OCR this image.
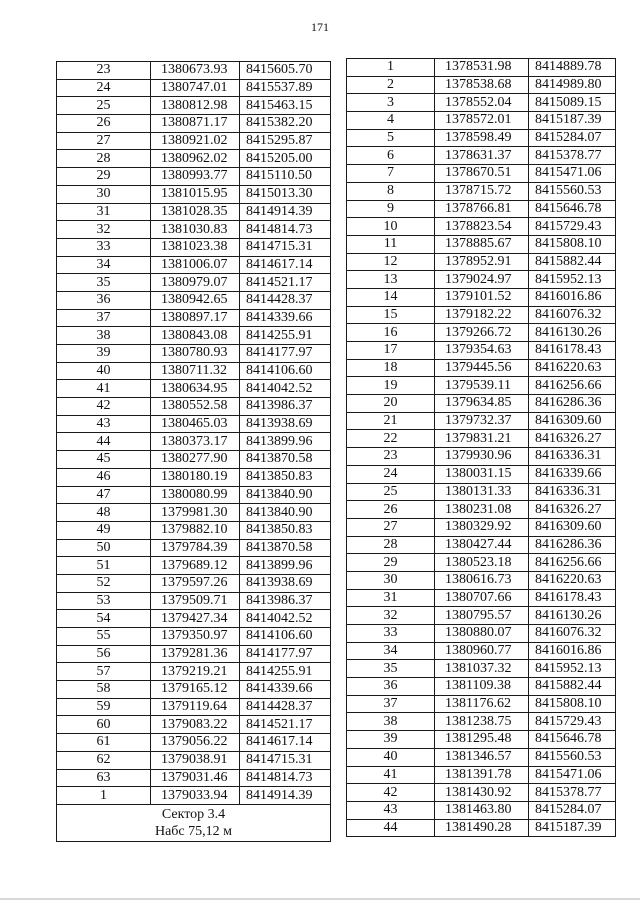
171
23	1380673.93	8415605.70
24	1380747.01	8415537.89
25	1380812.98	8415463.15
26	1380871.17	8415382.20
27	1380921.02	8415295.87
28	1380962.02	8415205.00
29	1380993.77	8415110.50
30	1381015.95	8415013.30
31	1381028.35	8414914.39
32	1381030.83	8414814.73
33	1381023.38	8414715.31
34	1381006.07	8414617.14
35	1380979.07	8414521.17
36	1380942.65	8414428.37
37	1380897.17	8414339.66
38	1380843.08	8414255.91
39	1380780.93	8414177.97
40	1380711.32	8414106.60
41	1380634.95	8414042.52
42	1380552.58	8413986.37
43	1380465.03	8413938.69
44	1380373.17	8413899.96
45	1380277.90	8413870.58
46	1380180.19	8413850.83
47	1380080.99	8413840.90
48	1379981.30	8413840.90
49	1379882.10	8413850.83
50	1379784.39	8413870.58
51	1379689.12	8413899.96
52	1379597.26	8413938.69
53	1379509.71	8413986.37
54	1379427.34	8414042.52
55	1379350.97	8414106.60
56	1379281.36	8414177.97
57	1379219.21	8414255.91
58	1379165.12	8414339.66
59	1379119.64	8414428.37
60	1379083.22	8414521.17
61	1379056.22	8414617.14
62	1379038.91	8414715.31
63	1379031.46	8414814.73
1	1379033.94	8414914.39

Сектор 3.4
Набс 75,12 м		
1	1378531.98	8414889.78
2	1378538.68	8414989.80
3	1378552.04	8415089.15
4	1378572.01	8415187.39
5	1378598.49	8415284.07
6	1378631.37	8415378.77
7	1378670.51	8415471.06
8	1378715.72	8415560.53
9	1378766.81	8415646.78
10	1378823.54	8415729.43
11	1378885.67	8415808.10
12	1378952.91	8415882.44
13	1379024.97	8415952.13
14	1379101.52	8416016.86
15	1379182.22	8416076.32
16	1379266.72	8416130.26
17	1379354.63	8416178.43
18	1379445.56	8416220.63
19	1379539.11	8416256.66
20	1379634.85	8416286.36
21	1379732.37	8416309.60
22	1379831.21	8416326.27
23	1379930.96	8416336.31
24	1380031.15	8416339.66
25	1380131.33	8416336.31
26	1380231.08	8416326.27
27	1380329.92	8416309.60
28	1380427.44	8416286.36
29	1380523.18	8416256.66
30	1380616.73	8416220.63
31	1380707.66	8416178.43
32	1380795.57	8416130.26
33	1380880.07	8416076.32
34	1380960.77	8416016.86
35	1381037.32	8415952.13
36	1381109.38	8415882.44
37	1381176.62	8415808.10
38	1381238.75	8415729.43
39	1381295.48	8415646.78
40	1381346.57	8415560.53
41	1381391.78	8415471.06
42	1381430.92	8415378.77
43	1381463.80	8415284.07
44	1381490.28	8415187.39
